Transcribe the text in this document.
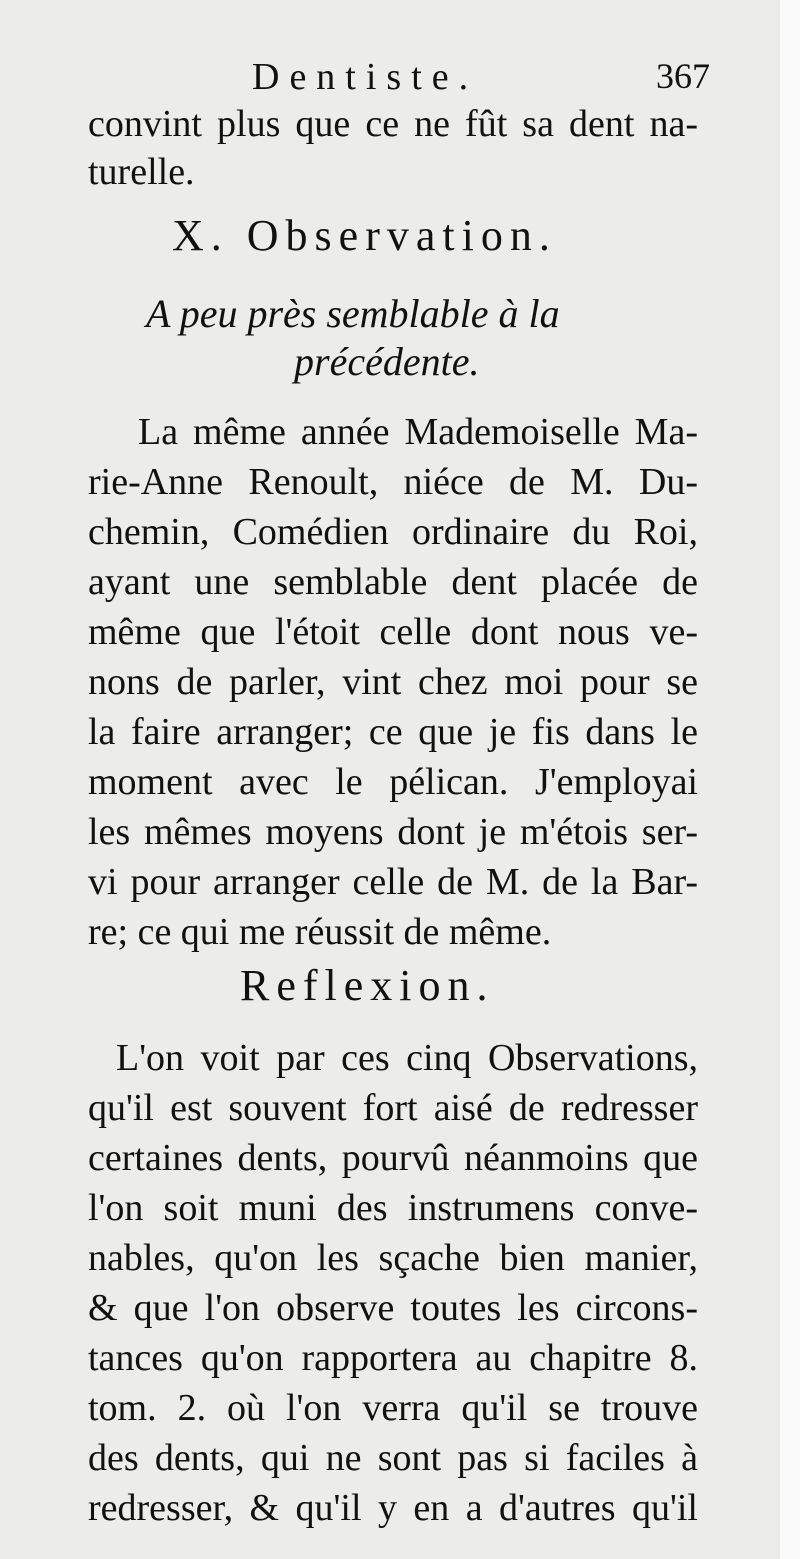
Dentiste.	367
convint plus que ce ne fût sa dent na-
turelle.
X. Observation.
A peu près semblable à la
précédente.
La même année Mademoiselle Ma-
rie-Anne Renoult, niéce de M. Du-
chemin, Comédien ordinaire du Roi,
ayant une semblable dent placée de
même que l'étoit celle dont nous ve-
nons de parler, vint chez moi pour se
la faire arranger; ce que je fis dans le
moment avec le pélican. J'employai
les mêmes moyens dont je m'étois ser-
vi pour arranger celle de M. de la Bar-
re; ce qui me réussit de même.
Reflexion.
L'on voit par ces cinq Observations,
qu'il est souvent fort aisé de redresser
certaines dents, pourvû néanmoins que
l'on soit muni des instrumens conve-
nables, qu'on les sçache bien manier,
& que l'on observe toutes les circons-
tances qu'on rapportera au chapitre 8.
tom. 2. où l'on verra qu'il se trouve
des dents, qui ne sont pas si faciles à
redresser, & qu'il y en a d'autres qu'il
